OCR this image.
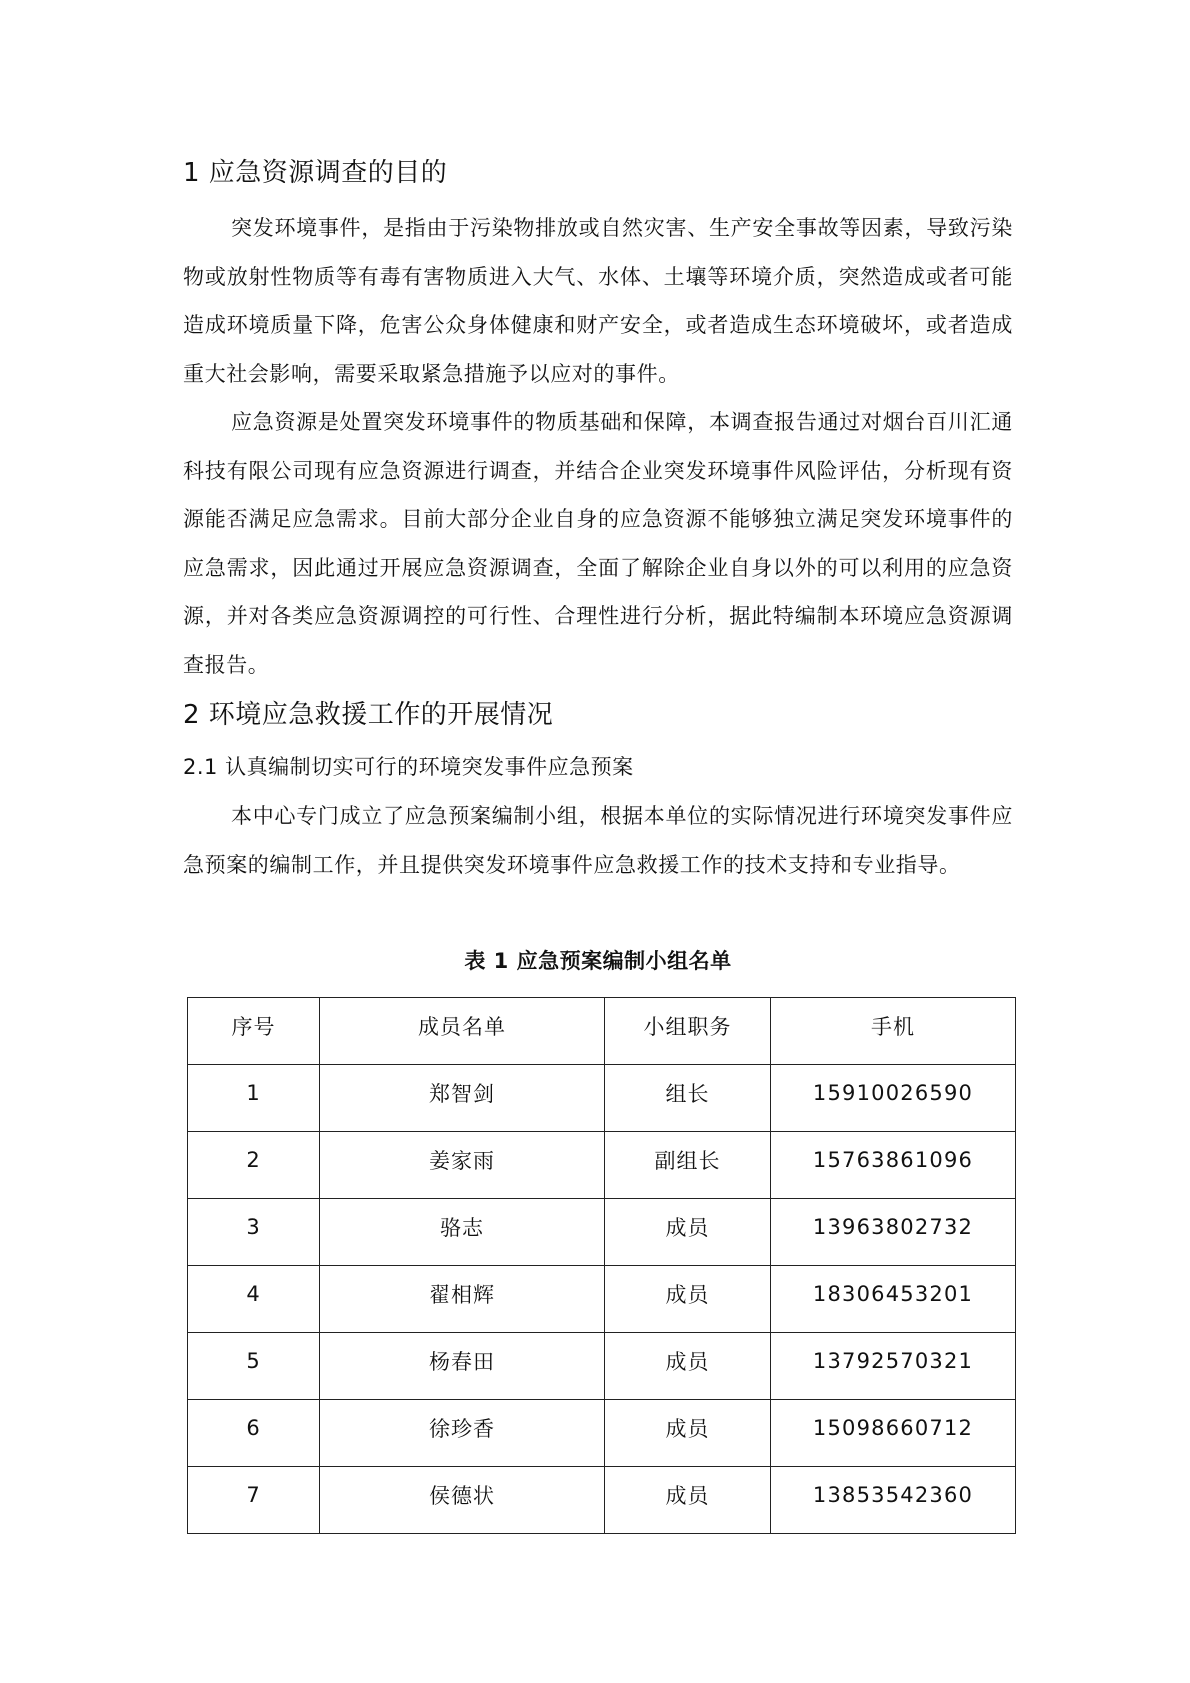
1 应急资源调查的目的

突发环境事件，是指由于污染物排放或自然灾害、生产安全事故等因素，导致污染物或放射性物质等有毒有害物质进入大气、水体、土壤等环境介质，突然造成或者可能造成环境质量下降，危害公众身体健康和财产安全，或者造成生态环境破坏，或者造成重大社会影响，需要采取紧急措施予以应对的事件。

应急资源是处置突发环境事件的物质基础和保障，本调查报告通过对烟台百川汇通科技有限公司现有应急资源进行调查，并结合企业突发环境事件风险评估，分析现有资源能否满足应急需求。目前大部分企业自身的应急资源不能够独立满足突发环境事件的应急需求，因此通过开展应急资源调查，全面了解除企业自身以外的可以利用的应急资源，并对各类应急资源调控的可行性、合理性进行分析，据此特编制本环境应急资源调查报告。

2 环境应急救援工作的开展情况
2.1 认真编制切实可行的环境突发事件应急预案

本中心专门成立了应急预案编制小组，根据本单位的实际情况进行环境突发事件应急预案的编制工作，并且提供突发环境事件应急救援工作的技术支持和专业指导。

表 1 应急预案编制小组名单
序号	成员名单	小组职务	手机
1	郑智剑	组长	15910026590
2	姜家雨	副组长	15763861096
3	骆志	成员	13963802732
4	翟相辉	成员	18306453201
5	杨春田	成员	13792570321
6	徐珍香	成员	15098660712
7	侯德状	成员	13853542360
